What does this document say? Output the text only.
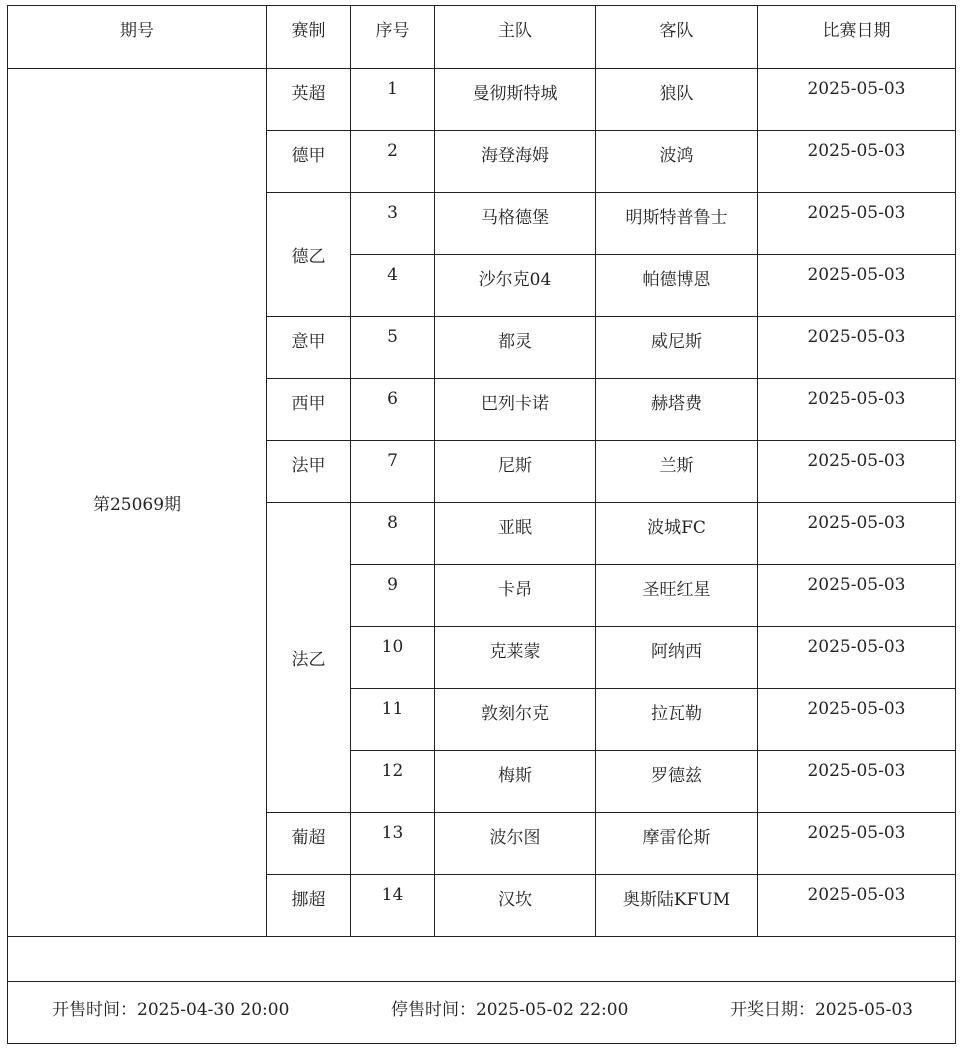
期号	赛制	序号	主队	客队	比赛日期
第25069期	英超	1	曼彻斯特城	狼队	2025-05-03
	德甲	2	海登海姆	波鸿	2025-05-03
	德乙	3	马格德堡	明斯特普鲁士	2025-05-03
		4	沙尔克04	帕德博恩	2025-05-03
	意甲	5	都灵	威尼斯	2025-05-03
	西甲	6	巴列卡诺	赫塔费	2025-05-03
	法甲	7	尼斯	兰斯	2025-05-03
	法乙	8	亚眠	波城FC	2025-05-03
		9	卡昂	圣旺红星	2025-05-03
		10	克莱蒙	阿纳西	2025-05-03
		11	敦刻尔克	拉瓦勒	2025-05-03
		12	梅斯	罗德兹	2025-05-03
	葡超	13	波尔图	摩雷伦斯	2025-05-03
	挪超	14	汉坎	奥斯陆KFUM	2025-05-03

开售时间：2025-04-30 20:00 停售时间：2025-05-02 22:00 开奖日期：2025-05-03					
